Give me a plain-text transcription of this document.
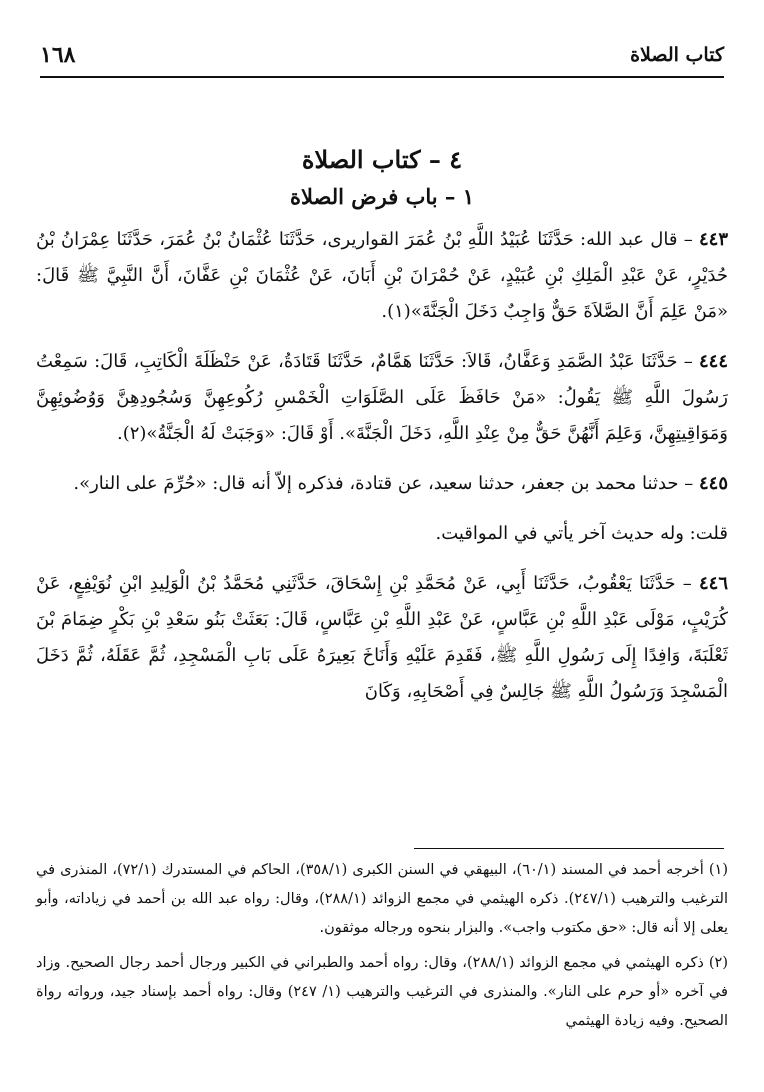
كتاب الصلاة
١٦٨
٤ – كتاب الصلاة
١ – باب فرض الصلاة

٤٤٣ – قال عبد الله: حَدَّثَنَا عُبَيْدُ اللَّهِ بْنُ عُمَرَ القواريرى، حَدَّثَنَا عُثْمَانُ بْنُ عُمَرَ، حَدَّثَنَا عِمْرَانُ بْنُ حُدَيْرٍ، عَنْ عَبْدِ الْمَلِكِ بْنِ عُبَيْدٍ، عَنْ حُمْرَانَ بْنِ أَبَانَ، عَنْ عُثْمَانَ بْنِ عَفَّانَ، أَنَّ النَّبِيَّ ﷺ قَالَ: «مَنْ عَلِمَ أَنَّ الصَّلاَةَ حَقٌّ وَاجِبٌ دَخَلَ الْجَنَّةَ»(١).

٤٤٤ – حَدَّثَنَا عَبْدُ الصَّمَدِ وَعَفَّانُ، قَالاَ: حَدَّثَنَا هَمَّامٌ، حَدَّثَنَا قَتَادَةُ، عَنْ حَنْظَلَةَ الْكَاتِبِ، قَالَ: سَمِعْتُ رَسُولَ اللَّهِ ﷺ يَقُولُ: «مَنْ حَافَظَ عَلَى الصَّلَوَاتِ الْخَمْسِ رُكُوعِهِنَّ وَسُجُودِهِنَّ وَوُضُوئِهِنَّ وَمَوَاقِيتِهِنَّ، وَعَلِمَ أَنَّهُنَّ حَقٌّ مِنْ عِنْدِ اللَّهِ، دَخَلَ الْجَنَّةَ». أَوْ قَالَ: «وَجَبَتْ لَهُ الْجَنَّةُ»(٢).

٤٤٥ – حدثنا محمد بن جعفر، حدثنا سعيد، عن قتادة، فذكره إلاّ أنه قال: «حُرِّمَ على النار».

قلت: وله حديث آخر يأتي في المواقيت.

٤٤٦ – حَدَّثَنَا يَعْقُوبُ، حَدَّثَنَا أَبِي، عَنْ مُحَمَّدِ بْنِ إِسْحَاقَ، حَدَّثَنِي مُحَمَّدُ بْنُ الْوَلِيدِ ابْنِ نُوَيْفِعٍ، عَنْ كُرَيْبٍ، مَوْلَى عَبْدِ اللَّهِ بْنِ عَبَّاسٍ، عَنْ عَبْدِ اللَّهِ بْنِ عَبَّاسٍ، قَالَ: بَعَثَتْ بَنُو سَعْدِ بْنِ بَكْرٍ ضِمَامَ بْنَ ثَعْلَبَةَ، وَافِدًا إِلَى رَسُولِ اللَّهِ ﷺ، فَقَدِمَ عَلَيْهِ وَأَنَاخَ بَعِيرَهُ عَلَى بَابِ الْمَسْجِدِ، ثُمَّ عَقَلَهُ، ثُمَّ دَخَلَ الْمَسْجِدَ وَرَسُولُ اللَّهِ ﷺ جَالِسٌ فِي أَصْحَابِهِ، وَكَانَ

(١) أخرجه أحمد في المسند (٦٠/١)، البيهقي في السنن الكبرى (٣٥٨/١)، الحاكم في المستدرك (٧٢/١)، المنذرى في الترغيب والترهيب (٢٤٧/١). ذكره الهيثمي في مجمع الزوائد (٢٨٨/١)، وقال: رواه عبد الله بن أحمد في زياداته، وأبو يعلى إلا أنه قال: «حق مكتوب واجب». والبزار بنحوه ورجاله موثقون.

(٢) ذكره الهيثمي في مجمع الزوائد (٢٨٨/١)، وقال: رواه أحمد والطبراني في الكبير ورجال أحمد رجال الصحيح. وزاد في آخره «أو حرم على النار». والمنذرى في الترغيب والترهيب (١/ ٢٤٧) وقال: رواه أحمد بإسناد جيد، ورواته رواة الصحيح. وفيه زيادة الهيثمي
